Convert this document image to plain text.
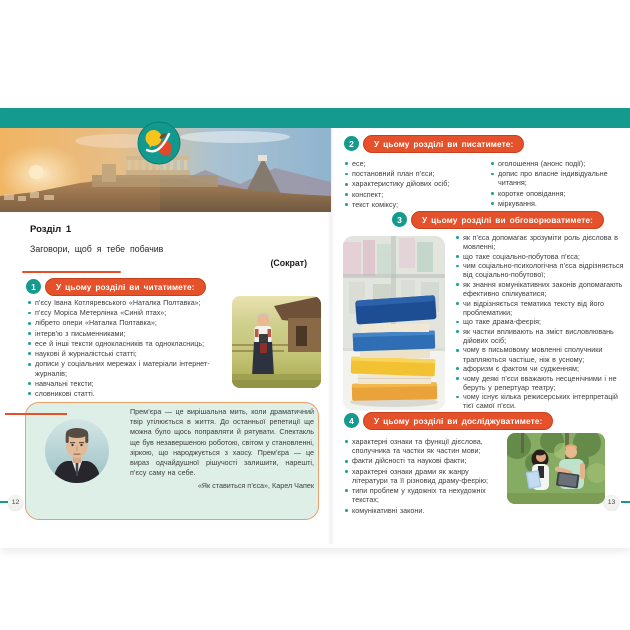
Розділ 1
Заговори, щоб я тебе побачив
(Сократ)
1	У цьому розділі ви читатимете:
п’єсу Івана Котляревського «Наталка Полтавка»;
п’єсу Моріса Метерлінка «Синій птах»;
лібрето опери «Наталка Полтавка»;
інтерв’ю з письменниками;
есе й інші тексти однокласників та однокласниць;
наукові й журналістські статті;
дописи у соціальних мережах і матеріали інтернет-журналів;
навчальні тексти;
словникові статті.
Прем’єра — це вирішальна мить, коли драматичний твір утілюється в життя. До останньої репетиції ще можна було щось поправляти й рятувати. Спектакль ще був незавершеною роботою, світом у становленні, зіркою, що народжується з хаосу. Прем’єра — це вираз одчайдушної рішучості залишити, нарешті, п’єсу саму на себе.
«Як ставиться п’єса», Карел Чапек
12
2	У цьому розділі ви писатимете:
есе;
постановний план п’єси;
характеристику дійових осіб;
конспект;
текст коміксу;
оголошення (анонс події);
допис про власне індивідуальне читання;
коротке оповідання;
міркування.
3	У цьому розділі ви обговорюватимете:
як п’єса допомагає зрозуміти роль дієслова в мовленні;
що таке соціально-побутова п’єса;
чим соціально-психологічна п’єса відрізняється від соціально-побутової;
як знання комунікативних законів допомагають ефективно спілкуватися;
чи відрізняється тематика тексту від його проблематики;
що таке драма-феєрія;
як частки впливають на зміст висловлювань дійових осіб;
чому в письмовому мовленні сполучники трапляються частіше, ніж в усному;
афоризм є фактом чи судженням;
чому деякі п’єси вважають несценічними і не беруть у репертуар театру;
чому існує кілька режисерських інтерпретацій тієї самої п’єси.
4	У цьому розділі ви досліджуватимете:
характерні ознаки та функції дієслова, сполучника та частки як частин мови;
факти дійсності та наукові факти;
характерні ознаки драми як жанру літератури та її різновид драму-феєрію;
типи проблем у художніх та нехудожніх текстах;
комунікативні закони.
13
